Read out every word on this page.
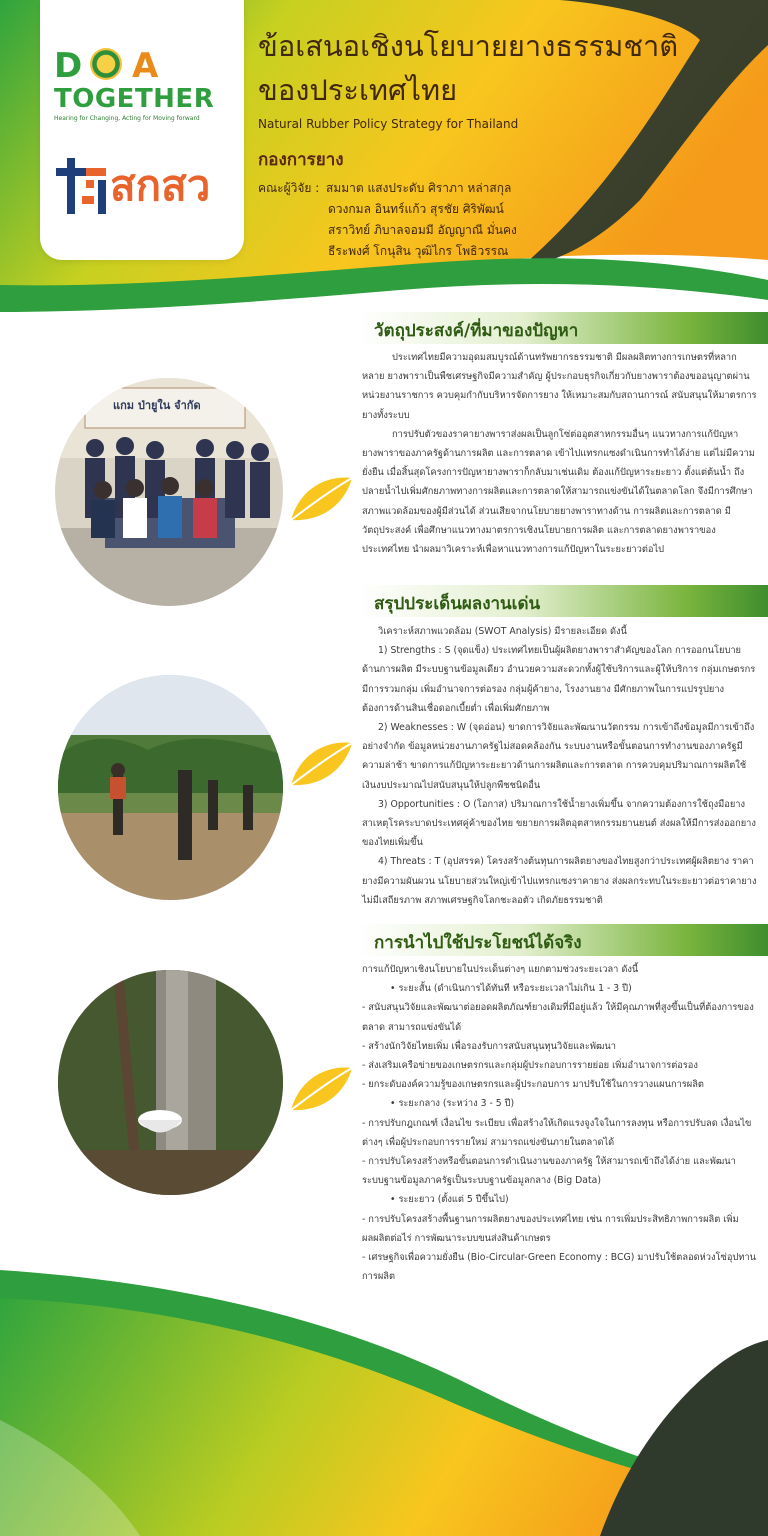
D A
TOGETHER
Hearing for Changing, Acting for Moving forward
สกสว
ข้อเสนอเชิงนโยบายยางธรรมชาติ
ของประเทศไทย
Natural Rubber Policy Strategy for Thailand
กองการยาง
คณะผู้วิจัย : สมมาต แสงประดับ ศิราภา หล่าสกุล
ดวงกมล อินทร์แก้ว สุรชัย ศิริพัฒน์
สราวิทย์ ภิบาลจอมมี อัญญาณี มั่นคง
ธีระพงศ์ โกนุสิน วุฒิไกร โพธิวรรณ
แกม ป่ายูใน จำกัด
วัตถุประสงค์/ที่มาของปัญหา

ประเทศไทยมีความอุดมสมบูรณ์ด้านทรัพยากรธรรมชาติ มีผลผลิตทางการเกษตรที่หลากหลาย ยางพาราเป็นพืชเศรษฐกิจมีความสำคัญ ผู้ประกอบธุรกิจเกี่ยวกับยางพาราต้องขออนุญาตผ่านหน่วยงานราชการ ควบคุมกำกับบริหารจัดการยาง ให้เหมาะสมกับสถานการณ์ สนับสนุนให้มาตรการยางทั้งระบบ

การปรับตัวของราคายางพาราส่งผลเป็นลูกโซ่ต่ออุตสาหกรรมอื่นๆ แนวทางการแก้ปัญหายางพาราของภาครัฐด้านการผลิต และการตลาด เข้าไปแทรกแซงดำเนินการทำได้ง่าย แต่ไม่มีความยั่งยืน เมื่อสิ้นสุดโครงการปัญหายางพาราก็กลับมาเช่นเดิม ต้องแก้ปัญหาระยะยาว ตั้งแต่ต้นน้ำ ถึงปลายน้ำไปเพิ่มศักยภาพทางการผลิตและการตลาดให้สามารถแข่งขันได้ในตลาดโลก จึงมีการศึกษาสภาพแวดล้อมของผู้มีส่วนได้ ส่วนเสียจากนโยบายยางพาราทางด้าน การผลิตและการตลาด มีวัตถุประสงค์ เพื่อศึกษาแนวทางมาตรการเชิงนโยบายการผลิต และการตลาดยางพาราของประเทศไทย นำผลมาวิเคราะห์เพื่อหาแนวทางการแก้ปัญหาในระยะยาวต่อไป

สรุปประเด็นผลงานเด่น

วิเคราะห์สภาพแวดล้อม (SWOT Analysis) มีรายละเอียด ดังนี้

1) Strengths : S (จุดแข็ง) ประเทศไทยเป็นผู้ผลิตยางพาราสำคัญของโลก การออกนโยบายด้านการผลิต มีระบบฐานข้อมูลเดียว อำนวยความสะดวกทั้งผู้ใช้บริการและผู้ให้บริการ กลุ่มเกษตรกรมีการรวมกลุ่ม เพิ่มอำนาจการต่อรอง กลุ่มผู้ค้ายาง, โรงงานยาง มีศักยภาพในการแปรรูปยาง ต้องการด้านสินเชื่อดอกเบี้ยต่ำ เพื่อเพิ่มศักยภาพ

2) Weaknesses : W (จุดอ่อน) ขาดการวิจัยและพัฒนานวัตกรรม การเข้าถึงข้อมูลมีการเข้าถึงอย่างจำกัด ข้อมูลหน่วยงานภาครัฐไม่สอดคล้องกัน ระบบงานหรือขั้นตอนการทำงานของภาครัฐมีความล่าช้า ขาดการแก้ปัญหาระยะยาวด้านการผลิตและการตลาด การควบคุมปริมาณการผลิตใช้เงินงบประมาณไปสนับสนุนให้ปลูกพืชชนิดอื่น

3) Opportunities : O (โอกาส) ปริมาณการใช้น้ำยางเพิ่มขึ้น จากความต้องการใช้ถุงมือยางสาเหตุโรคระบาดประเทศคู่ค้าของไทย ขยายการผลิตอุตสาหกรรมยานยนต์ ส่งผลให้มีการส่งออกยางของไทยเพิ่มขึ้น

4) Threats : T (อุปสรรค) โครงสร้างต้นทุนการผลิตยางของไทยสูงกว่าประเทศผู้ผลิตยาง ราคายางมีความผันผวน นโยบายส่วนใหญ่เข้าไปแทรกแซงราคายาง ส่งผลกระทบในระยะยาวต่อราคายางไม่มีเสถียรภาพ สภาพเศรษฐกิจโลกชะลอตัว เกิดภัยธรรมชาติ

การนำไปใช้ประโยชน์ได้จริง

การแก้ปัญหาเชิงนโยบายในประเด็นต่างๆ แยกตามช่วงระยะเวลา ดังนี้

• ระยะสั้น (ดำเนินการได้ทันที หรือระยะเวลาไม่เกิน 1 - 3 ปี)

- สนับสนุนวิจัยและพัฒนาต่อยอดผลิตภัณฑ์ยางเดิมที่มีอยู่แล้ว ให้มีคุณภาพที่สูงขึ้นเป็นที่ต้องการของตลาด สามารถแข่งขันได้

- สร้างนักวิจัยไทยเพิ่ม เพื่อรองรับการสนับสนุนทุนวิจัยและพัฒนา

- ส่งเสริมเครือข่ายของเกษตรกรและกลุ่มผู้ประกอบการรายย่อย เพิ่มอำนาจการต่อรอง

- ยกระดับองค์ความรู้ของเกษตรกรและผู้ประกอบการ มาปรับใช้ในการวางแผนการผลิต

• ระยะกลาง (ระหว่าง 3 - 5 ปี)

- การปรับกฎเกณฑ์ เงื่อนไข ระเบียบ เพื่อสร้างให้เกิดแรงจูงใจในการลงทุน หรือการปรับลด เงื่อนไขต่างๆ เพื่อผู้ประกอบการรายใหม่ สามารถแข่งขันภายในตลาดได้

- การปรับโครงสร้างหรือขั้นตอนการดำเนินงานของภาครัฐ ให้สามารถเข้าถึงได้ง่าย และพัฒนาระบบฐานข้อมูลภาครัฐเป็นระบบฐานข้อมูลกลาง (Big Data)

• ระยะยาว (ตั้งแต่ 5 ปีขึ้นไป)

- การปรับโครงสร้างพื้นฐานการผลิตยางของประเทศไทย เช่น การเพิ่มประสิทธิภาพการผลิต เพิ่มผลผลิตต่อไร่ การพัฒนาระบบขนส่งสินค้าเกษตร

- เศรษฐกิจเพื่อความยั่งยืน (Bio-Circular-Green Economy : BCG) มาปรับใช้ตลอดห่วงโซ่อุปทานการผลิต
